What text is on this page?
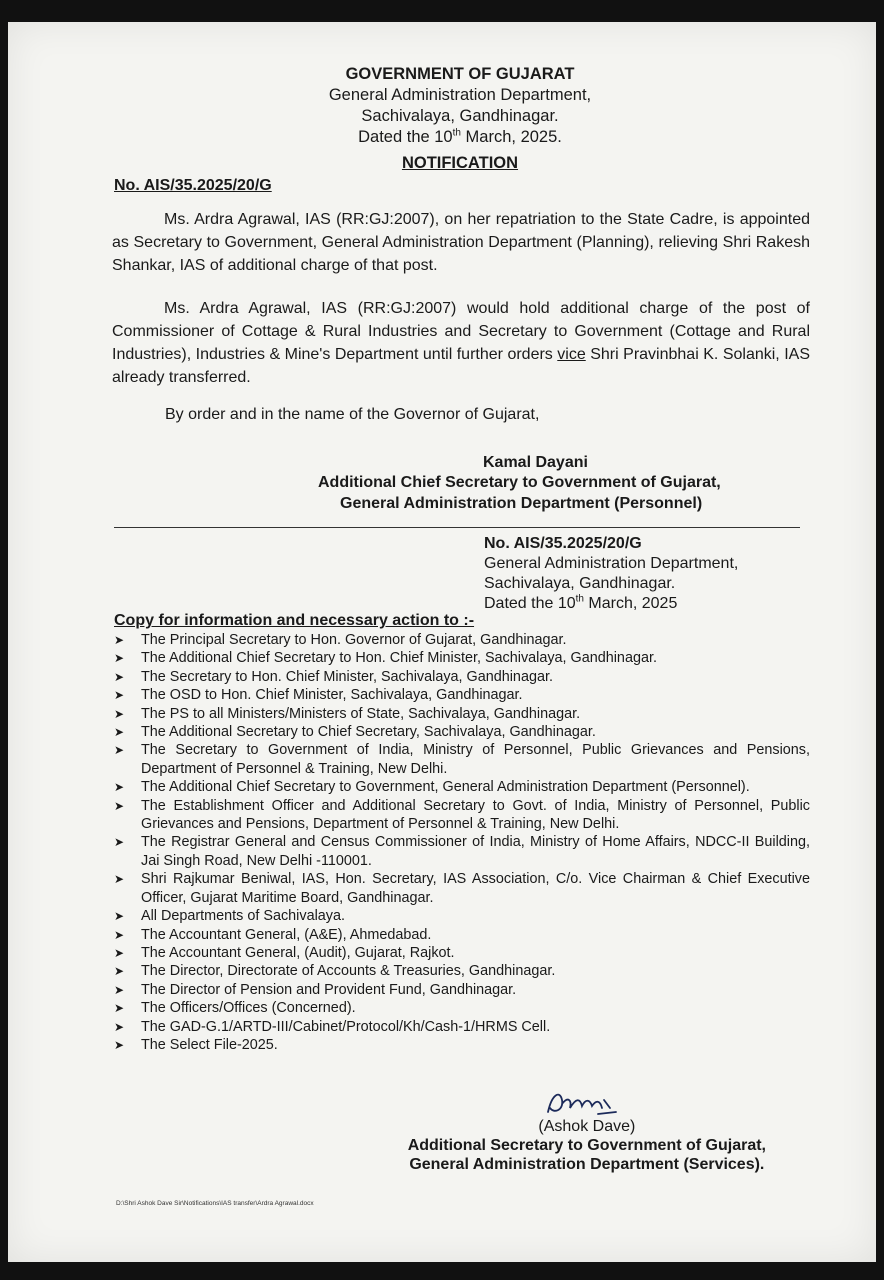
GOVERNMENT OF GUJARAT
General Administration Department,
Sachivalaya, Gandhinagar.
Dated the 10th March, 2025.
NOTIFICATION
No. AIS/35.2025/20/G
Ms. Ardra Agrawal, IAS (RR:GJ:2007), on her repatriation to the State Cadre, is appointed as Secretary to Government, General Administration Department (Planning), relieving Shri Rakesh Shankar, IAS of additional charge of that post.
Ms. Ardra Agrawal, IAS (RR:GJ:2007) would hold additional charge of the post of Commissioner of Cottage & Rural Industries and Secretary to Government (Cottage and Rural Industries), Industries & Mine's Department until further orders vice Shri Pravinbhai K. Solanki, IAS already transferred.
By order and in the name of the Governor of Gujarat,
Kamal Dayani
Additional Chief Secretary to Government of Gujarat,
General Administration Department (Personnel)
No. AIS/35.2025/20/G
General Administration Department,
Sachivalaya, Gandhinagar.
Dated the 10th March, 2025
Copy for information and necessary action to :-
➤ The Principal Secretary to Hon. Governor of Gujarat, Gandhinagar.
➤ The Additional Chief Secretary to Hon. Chief Minister, Sachivalaya, Gandhinagar.
➤ The Secretary to Hon. Chief Minister, Sachivalaya, Gandhinagar.
➤ The OSD to Hon. Chief Minister, Sachivalaya, Gandhinagar.
➤ The PS to all Ministers/Ministers of State, Sachivalaya, Gandhinagar.
➤ The Additional Secretary to Chief Secretary, Sachivalaya, Gandhinagar.
➤ The Secretary to Government of India, Ministry of Personnel, Public Grievances and Pensions, Department of Personnel & Training, New Delhi.
➤ The Additional Chief Secretary to Government, General Administration Department (Personnel).
➤ The Establishment Officer and Additional Secretary to Govt. of India, Ministry of Personnel, Public Grievances and Pensions, Department of Personnel & Training, New Delhi.
➤ The Registrar General and Census Commissioner of India, Ministry of Home Affairs, NDCC-II Building, Jai Singh Road, New Delhi -110001.
➤ Shri Rajkumar Beniwal, IAS, Hon. Secretary, IAS Association, C/o. Vice Chairman & Chief Executive Officer, Gujarat Maritime Board, Gandhinagar.
➤ All Departments of Sachivalaya.
➤ The Accountant General, (A&E), Ahmedabad.
➤ The Accountant General, (Audit), Gujarat, Rajkot.
➤ The Director, Directorate of Accounts & Treasuries, Gandhinagar.
➤ The Director of Pension and Provident Fund, Gandhinagar.
➤ The Officers/Offices (Concerned).
➤ The GAD-G.1/ARTD-III/Cabinet/Protocol/Kh/Cash-1/HRMS Cell.
➤ The Select File-2025.
(Ashok Dave)
Additional Secretary to Government of Gujarat,
General Administration Department (Services).
D:\Shri Ashok Dave Sir\Notifications\IAS transfer\Ardra Agrawal.docx
